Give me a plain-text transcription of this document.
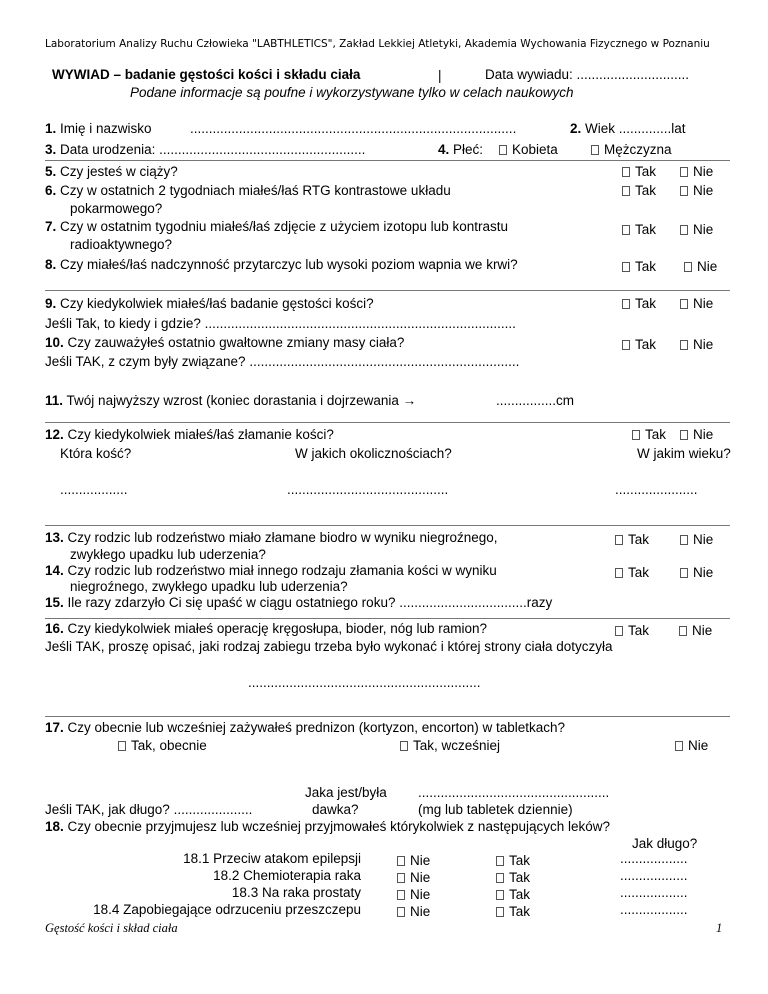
Laboratorium Analizy Ruchu Człowieka "LABTHLETICS", Zakład Lekkiej Atletyki, Akademia Wychowania Fizycznego w Poznaniu
WYWIAD – badanie gęstości kości i składu ciała	|	Data wywiadu: ..............................
Podane informacje są poufne i wykorzystywane tylko w celach naukowych
1. Imię i nazwisko	.......................................................................................	2. Wiek ..............lat
3. Data urodzenia: .......................................................	4. Płeć:	Kobieta	Mężczyzna
5. Czy jesteś w ciąży?	Tak	Nie
6. Czy w ostatnich 2 tygodniach miałeś/łaś RTG kontrastowe układu
pokarmowego?
Tak	Nie
7. Czy w ostatnim tygodniu miałeś/łaś zdjęcie z użyciem izotopu lub kontrastu
radioaktywnego?
Tak	Nie
8. Czy miałeś/łaś nadczynność przytarczyc lub wysoki poziom wapnia we krwi?	Tak	Nie
9. Czy kiedykolwiek miałeś/łaś badanie gęstości kości?	Tak	Nie
Jeśli Tak, to kiedy i gdzie? ...................................................................................
10. Czy zauważyłeś ostatnio gwałtowne zmiany masy ciała?	Tak	Nie
Jeśli TAK, z czym były związane? ........................................................................
11. Twój najwyższy wzrost (koniec dorastania i dojrzewania →	................cm
12. Czy kiedykolwiek miałeś/łaś złamanie kości?	Tak	Nie
Która kość?	W jakich okolicznościach?	W jakim wieku?
..................	...........................................	......................
13. Czy rodzic lub rodzeństwo miało złamane biodro w wyniku niegroźnego,
zwykłego upadku lub uderzenia?
Tak	Nie
14. Czy rodzic lub rodzeństwo miał innego rodzaju złamania kości w wyniku
niegroźnego, zwykłego upadku lub uderzenia?
Tak	Nie
15. Ile razy zdarzyło Ci się upaść w ciągu ostatniego roku? ..................................razy
16. Czy kiedykolwiek miałeś operację kręgosłupa, bioder, nóg lub ramion?	Tak	Nie
Jeśli TAK, proszę opisać, jaki rodzaj zabiegu trzeba było wykonać i której strony ciała dotyczyła
..............................................................
17. Czy obecnie lub wcześniej zażywałeś prednizon (kortyzon, encorton) w tabletkach?
Tak, obecnie	Tak, wcześniej	Nie
Jaka jest/była ...................................................
Jeśli TAK, jak długo? .....................	dawka?	(mg lub tabletek dziennie)
18. Czy obecnie przyjmujesz lub wcześniej przyjmowałeś którykolwiek z następujących leków?
Jak długo?
18.1 Przeciw atakom epilepsji	Nie	Tak	..................
18.2 Chemioterapia raka	Nie	Tak	..................
18.3 Na raka prostaty	Nie	Tak	..................
18.4 Zapobiegające odrzuceniu przeszczepu	Nie	Tak	..................
Gęstość kości i skład ciała	1
